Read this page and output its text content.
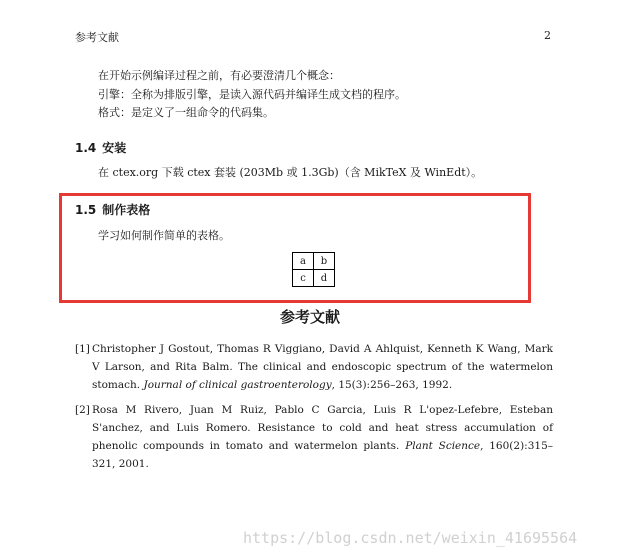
参考文献	2
在开始示例编译过程之前，有必要澄清几个概念：
引擎：全称为排版引擎，是读入源代码并编译生成文档的程序。
格式：是定义了一组命令的代码集。
1.4 安装
在 ctex.org 下载 ctex 套装 (203Mb 或 1.3Gb)（含 MikTeX 及 WinEdt）。
1.5 制作表格
学习如何制作简单的表格。
a	b
c	d
参考文献
[1] Christopher J Gostout, Thomas R Viggiano, David A Ahlquist, Kenneth K Wang, Mark V Larson, and Rita Balm. The clinical and endoscopic spectrum of the watermelon stomach. Journal of clinical gastroenterology, 15(3):256–263, 1992.
[2] Rosa M Rivero, Juan M Ruiz, Pablo C Garcia, Luis R L'opez-Lefebre, Esteban S'anchez, and Luis Romero. Resistance to cold and heat stress accumulation of phenolic compounds in tomato and watermelon plants. Plant Science, 160(2):315–321, 2001.
https://blog.csdn.net/weixin_41695564
